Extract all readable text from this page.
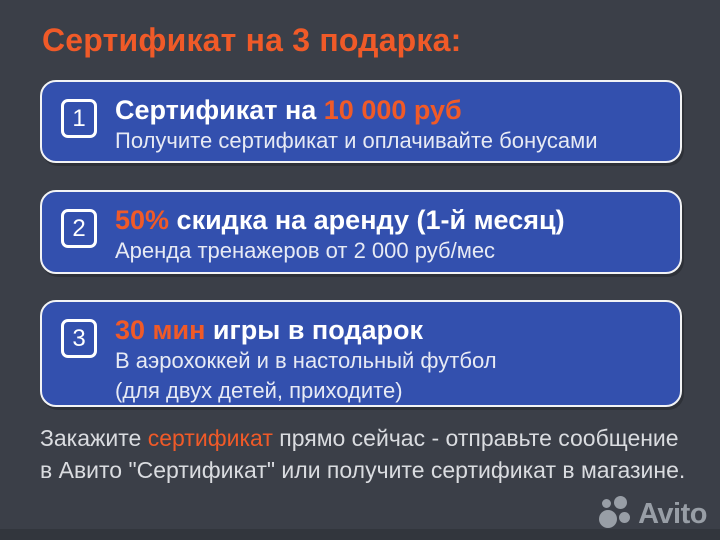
Сертификат на 3 подарка:
1	Сертификат на 10 000 руб
Получите сертификат и оплачивайте бонусами
2	50% скидка на аренду (1-й месяц)
Аренда тренажеров от 2 000 руб/мес
3	30 мин игры в подарок
В аэрохоккей и в настольный футбол
(для двух детей, приходите)
Закажите сертификат прямо сейчас - отправьте сообщение в Авито "Сертификат" или получите сертификат в магазине.
Avito
